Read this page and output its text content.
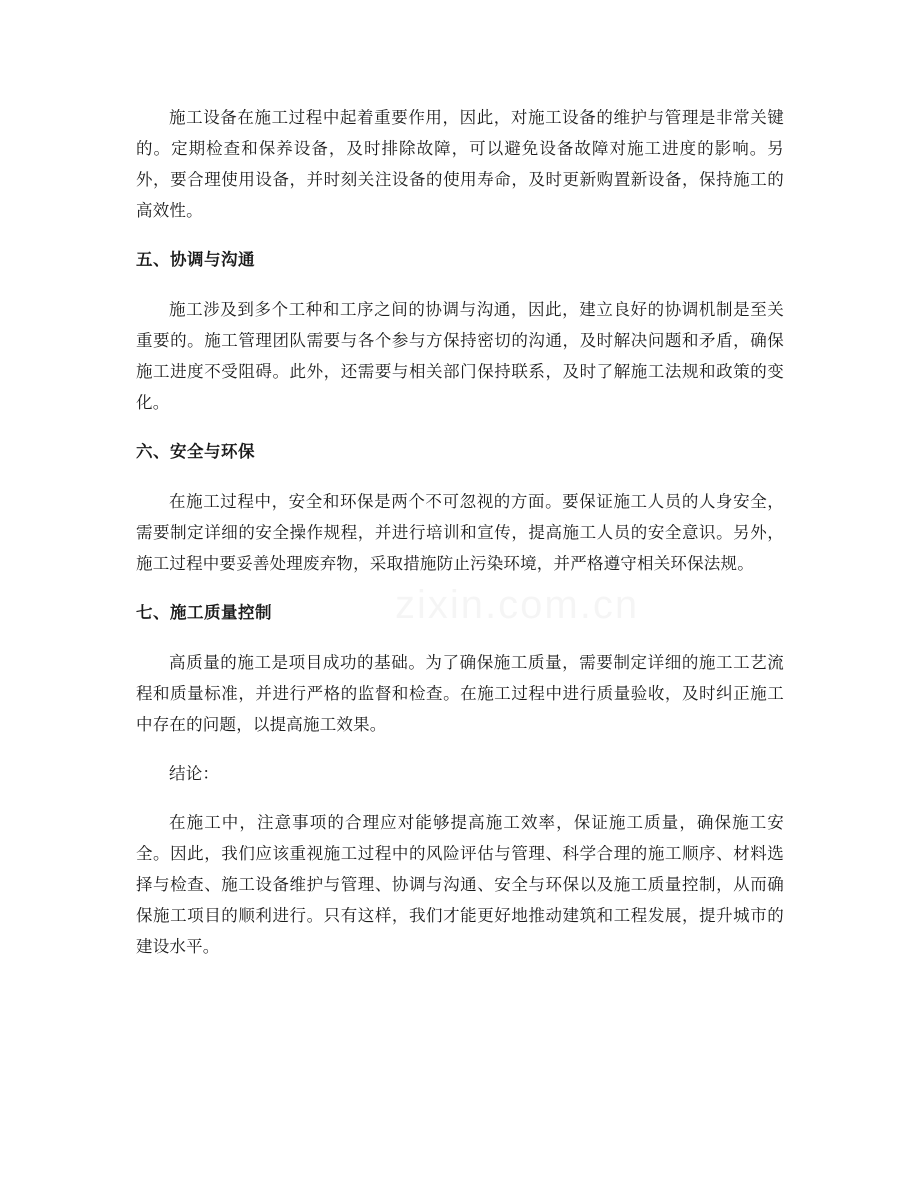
施工设备在施工过程中起着重要作用，因此，对施工设备的维护与管理是非常关键的。定期检查和保养设备，及时排除故障，可以避免设备故障对施工进度的影响。另外，要合理使用设备，并时刻关注设备的使用寿命，及时更新购置新设备，保持施工的高效性。

五、协调与沟通

施工涉及到多个工种和工序之间的协调与沟通，因此，建立良好的协调机制是至关重要的。施工管理团队需要与各个参与方保持密切的沟通，及时解决问题和矛盾，确保施工进度不受阻碍。此外，还需要与相关部门保持联系，及时了解施工法规和政策的变化。

六、安全与环保

在施工过程中，安全和环保是两个不可忽视的方面。要保证施工人员的人身安全，需要制定详细的安全操作规程，并进行培训和宣传，提高施工人员的安全意识。另外，施工过程中要妥善处理废弃物，采取措施防止污染环境，并严格遵守相关环保法规。

七、施工质量控制

高质量的施工是项目成功的基础。为了确保施工质量，需要制定详细的施工工艺流程和质量标准，并进行严格的监督和检查。在施工过程中进行质量验收，及时纠正施工中存在的问题，以提高施工效果。

结论：

在施工中，注意事项的合理应对能够提高施工效率，保证施工质量，确保施工安全。因此，我们应该重视施工过程中的风险评估与管理、科学合理的施工顺序、材料选择与检查、施工设备维护与管理、协调与沟通、安全与环保以及施工质量控制，从而确保施工项目的顺利进行。只有这样，我们才能更好地推动建筑和工程发展，提升城市的建设水平。
